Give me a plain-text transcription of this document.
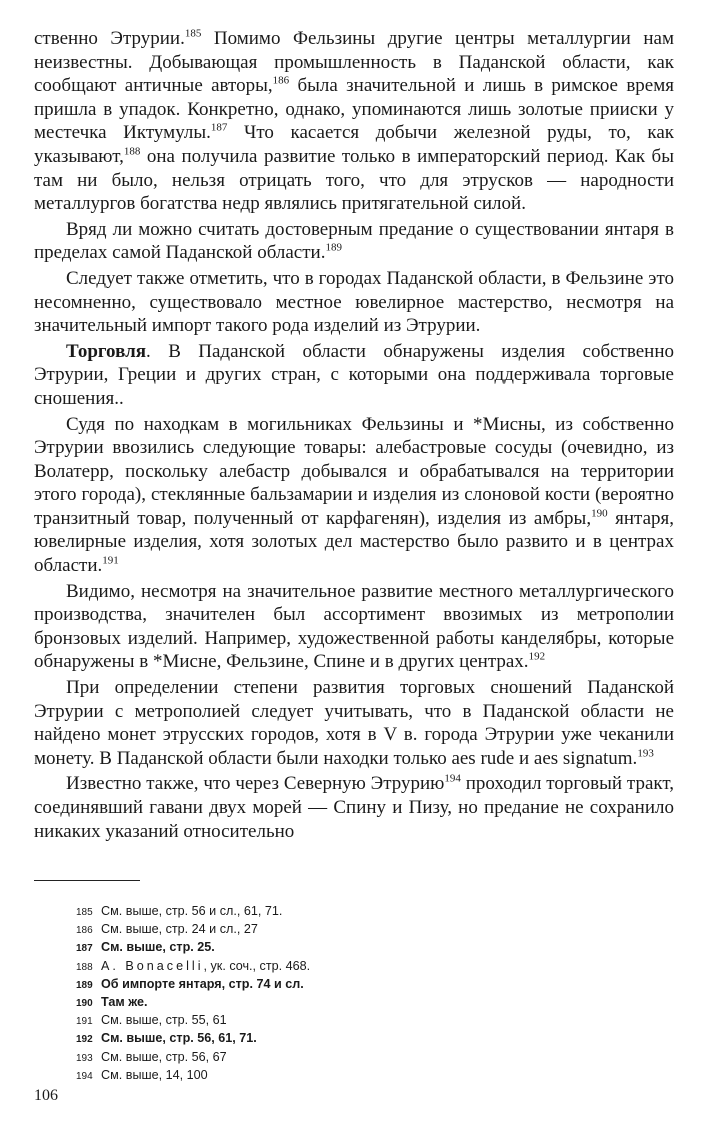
ственно Этрурии.$^{185}$ Помимо Фельзины другие центры металлургии нам неизвестны. Добывающая промышленность в Паданской области, как сообщают античные авторы,$^{186}$ была значительной и лишь в римское время пришла в упадок. Конкретно, однако, упоминаются лишь золотые прииски у местечка Иктумулы.$^{187}$ Что касается добычи железной руды, то, как указывают,$^{188}$ она получила развитие только в императорский период. Как бы там ни было, нельзя отрицать того, что для этрусков — народности металлургов богатства недр являлись притягательной силой.

Вряд ли можно считать достоверным предание о существовании янтаря в пределах самой Паданской области.$^{189}$

Следует также отметить, что в городах Паданской области, в Фельзине это несомненно, существовало местное ювелирное мастерство, несмотря на значительный импорт такого рода изделий из Этрурии.

Торговля. В Паданской области обнаружены изделия собственно Этрурии, Греции и других стран, с которыми она поддерживала торговые сношения..

Судя по находкам в могильниках Фельзины и *Мисны, из собственно Этрурии ввозились следующие товары: алебастровые сосуды (очевидно, из Волатерр, поскольку алебастр добывался и обрабатывался на территории этого города), стеклянные бальзамарии и изделия из слоновой кости (вероятно транзитный товар, полученный от карфагенян), изделия из амбры,$^{190}$ янтаря, ювелирные изделия, хотя золотых дел мастерство было развито и в центрах области.$^{191}$

Видимо, несмотря на значительное развитие местного металлургического производства, значителен был ассортимент ввозимых из метрополии бронзовых изделий. Например, художественной работы канделябры, которые обнаружены в *Мисне, Фельзине, Спине и в других центрах.$^{192}$

При определении степени развития торговых сношений Паданской Этрурии с метрополией следует учитывать, что в Паданской области не найдено монет этрусских городов, хотя в V в. города Этрурии уже чеканили монету. В Паданской области были находки только aes rude и aes signatum.$^{193}$

Известно также, что через Северную Этрурию$^{194}$ проходил торговый тракт, соединявший гавани двух морей — Спину и Пизу, но предание не сохранило никаких указаний относительно

185 См. выше, стр. 56 и сл., 61, 71.
186 См. выше, стр. 24 и сл., 27
187 См. выше, стр. 25.
188 A. Bonacelli, ук. соч., стр. 468.
189 Об импорте янтаря, стр. 74 и сл.
190 Там же.
191 См. выше, стр. 55, 61
192 См. выше, стр. 56, 61, 71.
193 См. выше, стр. 56, 67
194 См. выше, 14, 100
106
